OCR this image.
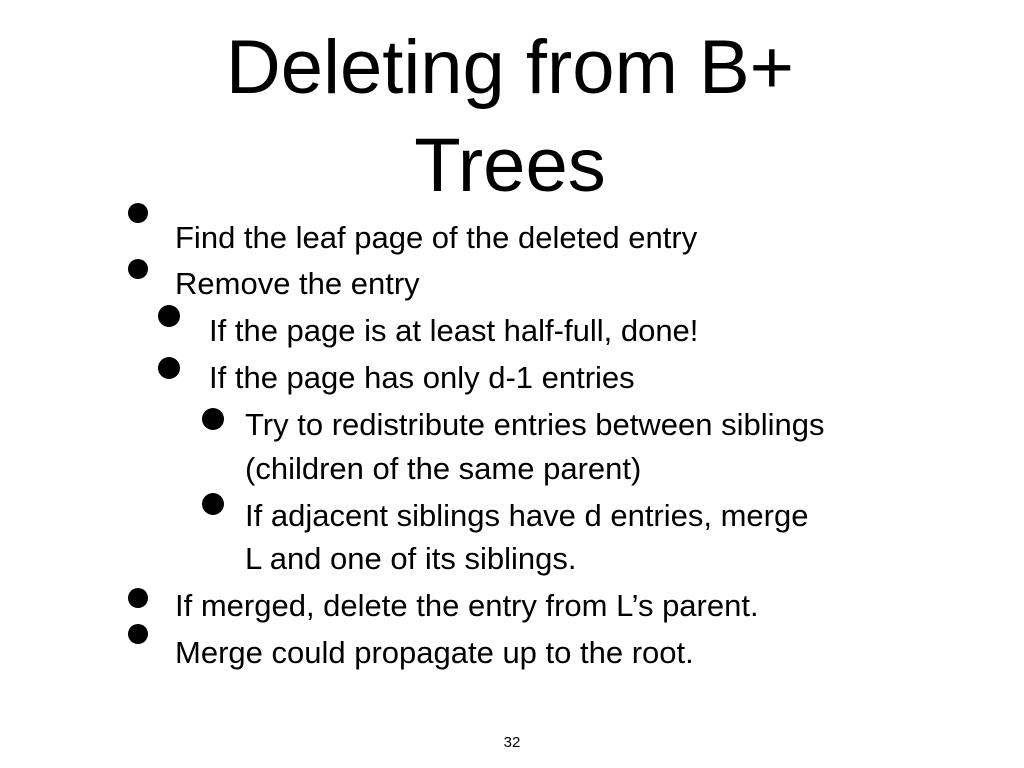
Deleting from B+
Trees
Find the leaf page of the deleted entry
Remove the entry
If the page is at least half-full, done!
If the page has only d-1 entries
Try to redistribute entries between siblings
(children of the same parent)
If adjacent siblings have d entries, merge
L and one of its siblings.
If merged, delete the entry from L’s parent.
Merge could propagate up to the root.
32
